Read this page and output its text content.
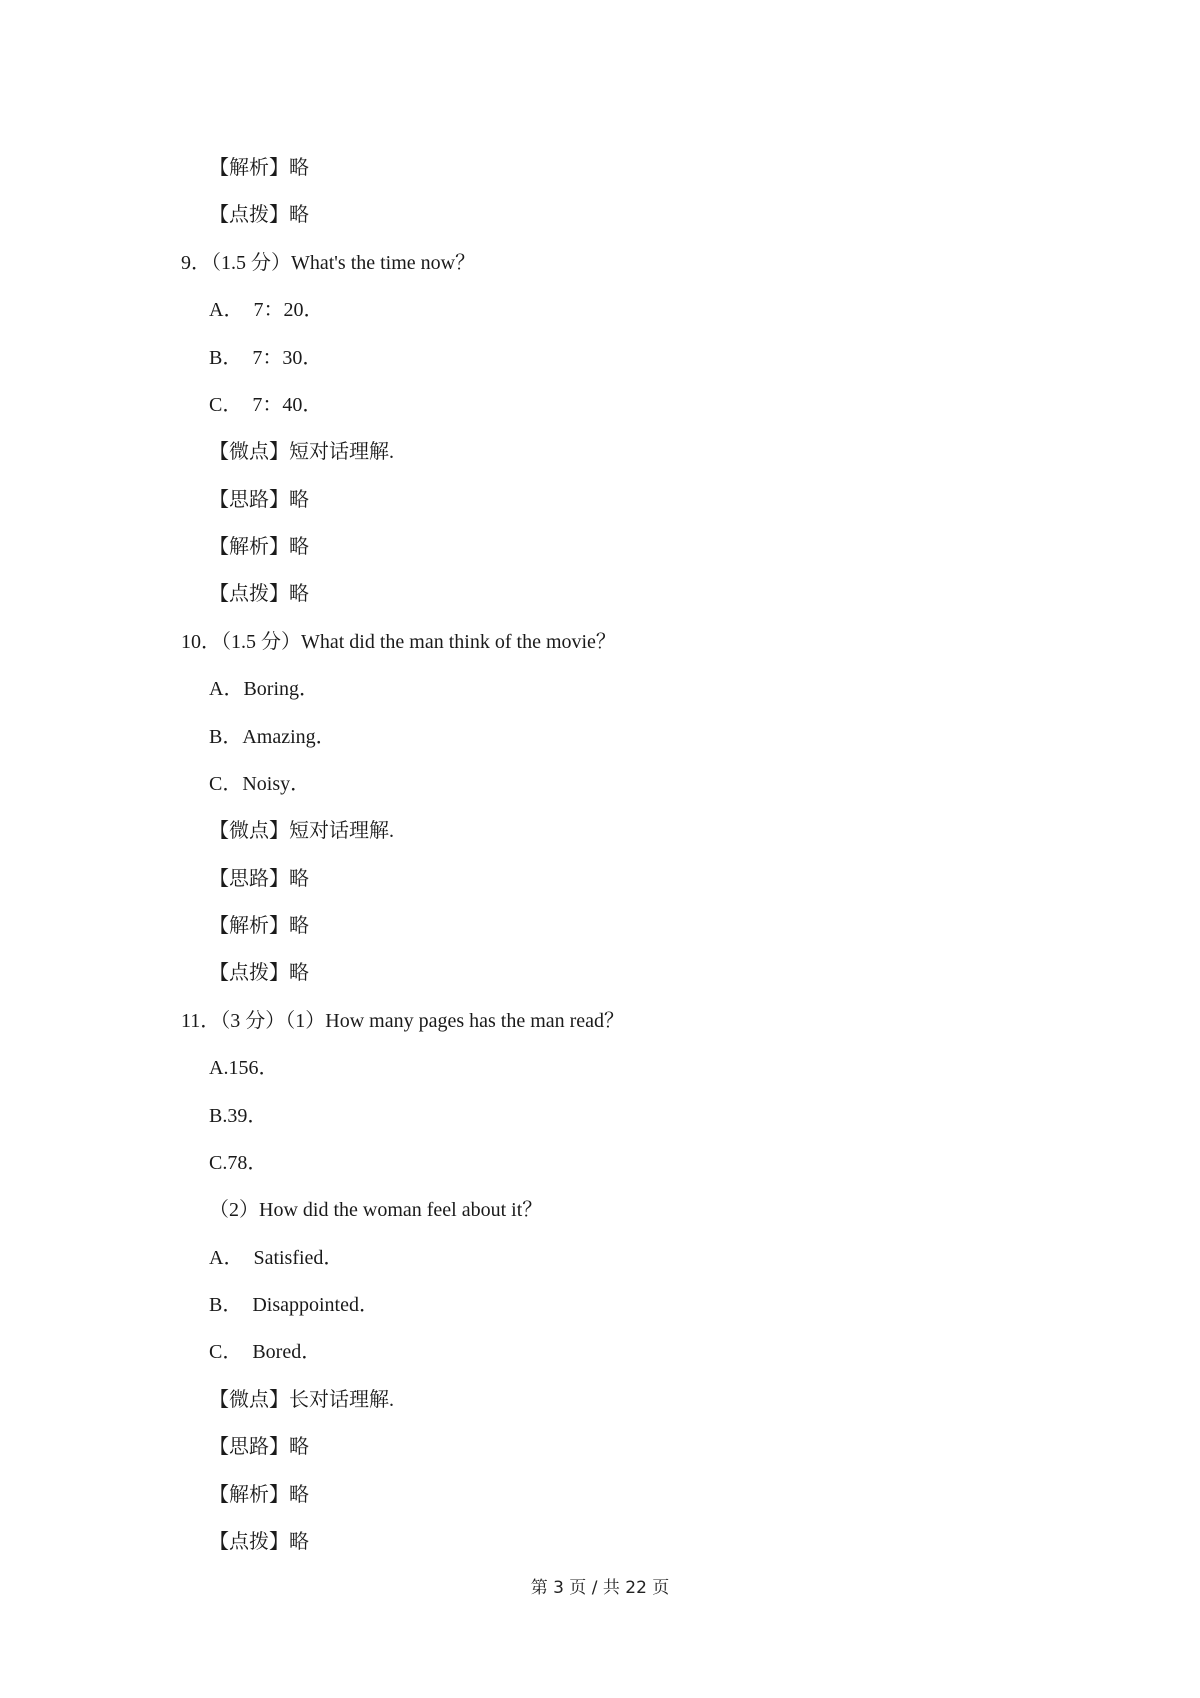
【解析】略
【点拨】略
9．（1.5 分）What's the time now？
A．  7：20．
B．  7：30．
C．  7：40．
【微点】短对话理解.
【思路】略
【解析】略
【点拨】略
10．（1.5 分）What did the man think of the movie？
A．Boring．
B．Amazing．
C．Noisy．
【微点】短对话理解.
【思路】略
【解析】略
【点拨】略
11．（3 分）（1）How many pages has the man read？
A.156．
B.39．
C.78．
（2）How did the woman feel about it？
A．  Satisfied．
B．  Disappointed．
C．  Bored．
【微点】长对话理解.
【思路】略
【解析】略
【点拨】略
第 3 页 / 共 22 页
